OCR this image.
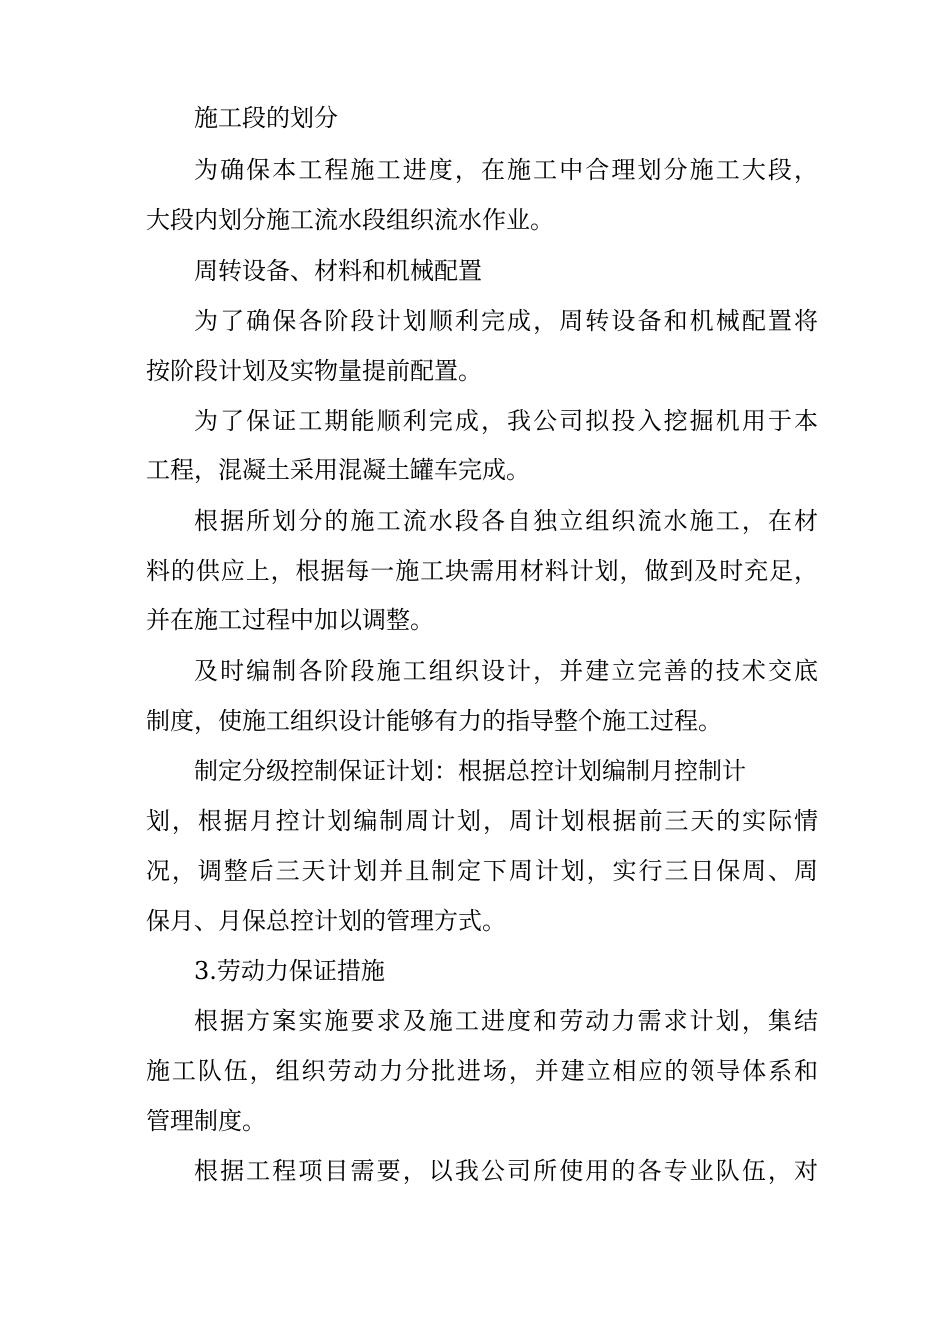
施工段的划分
为确保本工程施工进度，在施工中合理划分施工大段，
大段内划分施工流水段组织流水作业。
周转设备、材料和机械配置
为了确保各阶段计划顺利完成，周转设备和机械配置将
按阶段计划及实物量提前配置。
为了保证工期能顺利完成，我公司拟投入挖掘机用于本
工程，混凝土采用混凝土罐车完成。
根据所划分的施工流水段各自独立组织流水施工，在材
料的供应上，根据每一施工块需用材料计划，做到及时充足，
并在施工过程中加以调整。
及时编制各阶段施工组织设计，并建立完善的技术交底
制度，使施工组织设计能够有力的指导整个施工过程。
制定分级控制保证计划：根据总控计划编制月控制计
划，根据月控计划编制周计划，周计划根据前三天的实际情
况，调整后三天计划并且制定下周计划，实行三日保周、周
保月、月保总控计划的管理方式。
3.劳动力保证措施
根据方案实施要求及施工进度和劳动力需求计划，集结
施工队伍，组织劳动力分批进场，并建立相应的领导体系和
管理制度。
根据工程项目需要，以我公司所使用的各专业队伍，对
